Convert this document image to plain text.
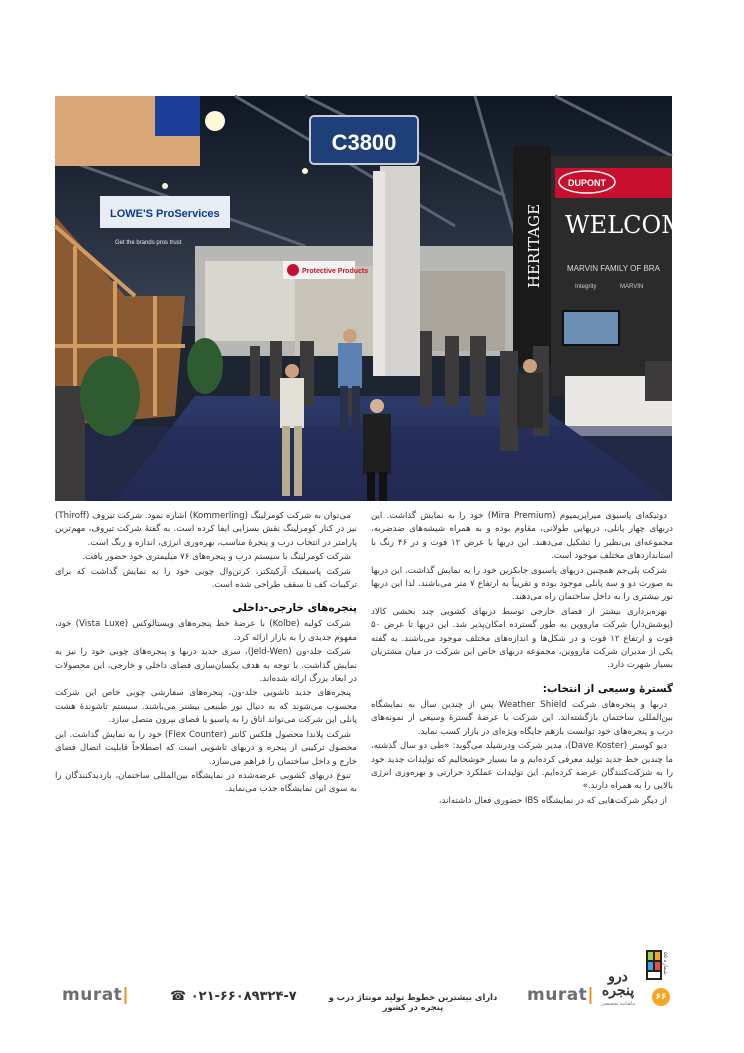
LOWE'S ProServices
Get the brands pros trust
C3800
Protective Products	HERITAGE
DUPONT
WELCOM
MARVIN FAMILY OF BRA
Integrity	MARVIN

دوتیکه‌ای پاسیوی میراپریمیوم (Mira Premium) خود را به نمایش گذاشت. این دربهای چهار پانلی، دربهایی طولانی، مقاوم بوده و به همراه شیشه‌های ضدضربه، مجموعه‌ای بی‌نظیر را تشکیل می‌دهند. این دربها با عرض ۱۲ فوت و در ۴۶ رنگ با استانداردهای مختلف موجود است.

شرکت پلی‌جم همچنین دربهای پاسیوی جابکزین خود را به نمایش گذاشت. این دربها به صورت دو و سه پانلی موجود بوده و تقریباً به ارتفاع ۷ متر می‌باشند. لذا این دربها نور بیشتری را به داخل ساختمان راه می‌دهند.

بهره‌برداری بیشتر از فضای خارجی توسط دربهای کشویی چند بخشی کالاد (پوشش‌دار) شرکت مارووین به طور گسترده امکان‌پذیر شد. این دربها تا عرض ۵۰ فوت و ارتفاع ۱۲ فوت و در شکل‌ها و اندازه‌های مختلف موجود می‌باشند. به گفته یکی از مدیران شرکت مارووین، مجموعه دربهای خاص این شرکت در میان مشتریان بسیار شهرت دارد.

گسترهٔ وسیعی از انتخاب:

دربها و پنجره‌های شرکت Weather Shield پس از چندین سال به نمایشگاه بین‌المللی ساختمان بازگشته‌اند. این شرکت با عرضهٔ گسترهٔ وسیعی از نمونه‌های درب و پنجره‌های خود توانست بازهم جایگاه ویژه‌ای در بازار کسب نماید.

دیو کوستر (Dave Koster)، مدیر شرکت ودرشیلد می‌گوید: «طی دو سال گذشته، ما چندین خط جدید تولید معرفی کرده‌ایم و ما بسیار خوشحالیم که تولیدات جدید خود را به شرکت‌کنندگان عرضه کرده‌ایم. این تولیدات عملکرد حرارتی و بهره‌وری انرژی بالایی را به همراه دارند.»

از دیگر شرکت‌هایی که در نمایشگاه IBS حضوری فعال داشته‌اند،

می‌توان به شرکت کومرلینگ (Kommerling) اشاره نمود. شرکت تیروف (Thiroff) نیز در کنار کومرلینگ نقش بسزایی ایفا کرده است. به گفتهٔ شرکت تیروف، مهم‌ترین پارامتر در انتخاب درب و پنجرهٔ مناسب، بهره‌وری انرژی، اندازه و رنگ است.

شرکت کومرلینگ با سیستم درب و پنجره‌های ۷۶ میلیمتری خود حضور یافت.

شرکت پاسیفیک آرکیتکتر، کرتن‌وال چوبی خود را به نمایش گذاشت که برای ترکیبات کف تا سقف طراحی شده است.

پنجره‌های خارجی-داخلی

شرکت کولبه (Kolbe) با عرضهٔ خط پنجره‌های ویستالوکس (Vista Luxe) خود، مفهوم جدیدی را به بازار ارائه کرد.

شرکت جلد-ون (Jeld-Wen)، سری جدید دربها و پنجره‌های چوبی خود را نیز به نمایش گذاشت. با توجه به هدف یکسان‌سازی فضای داخلی و خارجی، این محصولات در ابعاد بزرگ ارائه شده‌اند.

پنجره‌های جدید تاشویی جلد-ون، پنجره‌های سفارشی چوبی خاص این شرکت محسوب می‌شوند که به دنبال نور طبیعی بیشتر می‌باشند. سیستم تاشوندهٔ هشت پانلی این شرکت می‌تواند اتاق را به پاسیو یا فضای بیرون متصل سازد.

شرکت پلاندا محصول فلکس کانتر (Flex Counter) خود را به نمایش گذاشت. این محصول ترکیبی از پنجره و دربهای تاشویی است که اصطلاحاً قابلیت اتصال فضای خارج و داخل ساختمان را فراهم می‌سازد.

تنوع دربهای کشویی عرضه‌شده در نمایشگاه بین‌المللی ساختمان، بازدیدکنندگان را به سوی این نمایشگاه جذب می‌نماید.

murat|	☎ ۰۲۱-۶۶۰۸۹۳۲۴-۷	دارای بیشترین خطوط تولید مونتاژ درب و پنجره در کشور
murat|
درو پنجره
ماهنامه تخصصی
۶۶
شماره ۵۵
